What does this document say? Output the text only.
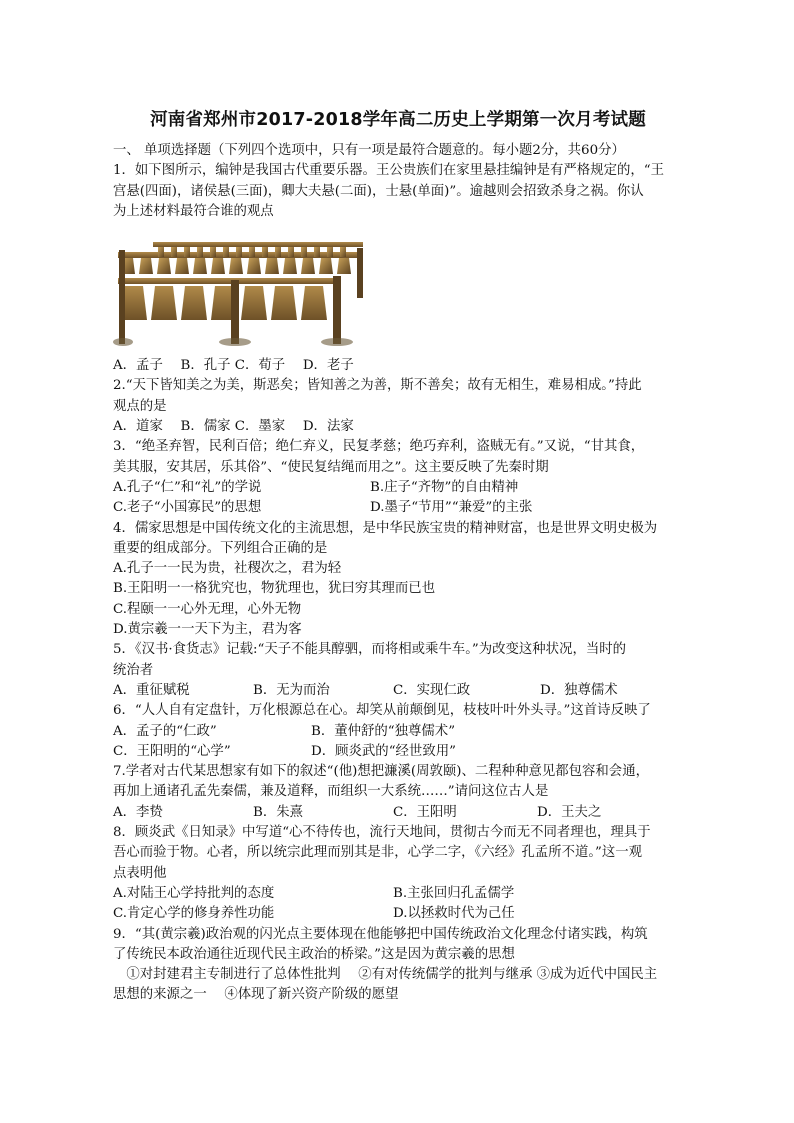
河南省郑州市2017-2018学年高二历史上学期第一次月考试题
一、 单项选择题（下列四个选项中，只有一项是最符合题意的。每小题2分，共60分）
1．如下图所示，编钟是我国古代重要乐器。王公贵族们在家里悬挂编钟是有严格规定的，“王
宫悬(四面)，诸侯悬(三面)，卿大夫悬(二面)，士悬(单面)”。逾越则会招致杀身之祸。你认
为上述材料最符合谁的观点
A．孟子　 B．孔子 C．荀子　 D．老子
2.“天下皆知美之为美，斯恶矣；皆知善之为善，斯不善矣；故有无相生，难易相成。”持此
观点的是
A．道家　 B．儒家 C．墨家　 D．法家
3．“绝圣弃智，民利百倍；绝仁弃义，民复孝慈；绝巧弃利，盗贼无有。”又说，“甘其食，
美其服，安其居，乐其俗”、“使民复结绳而用之”。这主要反映了先秦时期
A.孔子“仁”和“礼”的学说	B.庄子“齐物”的自由精神
C.老子“小国寡民”的思想	D.墨子“节用”“兼爱”的主张
4．儒家思想是中国传统文化的主流思想，是中华民族宝贵的精神财富，也是世界文明史极为
重要的组成部分。下列组合正确的是
A.孔子一一民为贵，社稷次之，君为轻
B.王阳明一一格犹究也，物犹理也，犹曰穷其理而已也
C.程颐一一心外无理，心外无物
D.黄宗羲一一天下为主，君为客
5．《汉书·食货志》记载:“天子不能具醇驷，而将相或乘牛车。”为改变这种状况，当时的
统治者
A．重征赋税	B．无为而治	C．实现仁政	D．独尊儒术
6．“人人自有定盘针，万化根源总在心。却笑从前颠倒见，枝枝叶叶外头寻。”这首诗反映了
A．孟子的“仁政”	B．董仲舒的“独尊儒术”
C．王阳明的“心学”	D．顾炎武的“经世致用”
7.学者对古代某思想家有如下的叙述“(他)想把濂溪(周敦颐)、二程种种意见都包容和会通，
再加上通诸孔孟先秦儒，兼及道释，而组织一大系统……”请问这位古人是
A．李贽	B．朱熹	C．王阳明	D．王夫之
8．顾炎武《日知录》中写道“心不待传也，流行天地间，贯彻古今而无不同者理也，理具于
吾心而验于物。心者，所以统宗此理而别其是非，心学二字，《六经》孔孟所不道。”这一观
点表明他
A.对陆王心学持批判的态度	B.主张回归孔孟儒学
C.肯定心学的修身养性功能	D.以拯救时代为己任
9．“其(黄宗羲)政治观的闪光点主要体现在他能够把中国传统政治文化理念付诸实践，构筑
了传统民本政治通往近现代民主政治的桥梁。”这是因为黄宗羲的思想
　①对封建君主专制进行了总体性批判　 ②有对传统儒学的批判与继承 ③成为近代中国民主
思想的来源之一　 ④体现了新兴资产阶级的愿望
